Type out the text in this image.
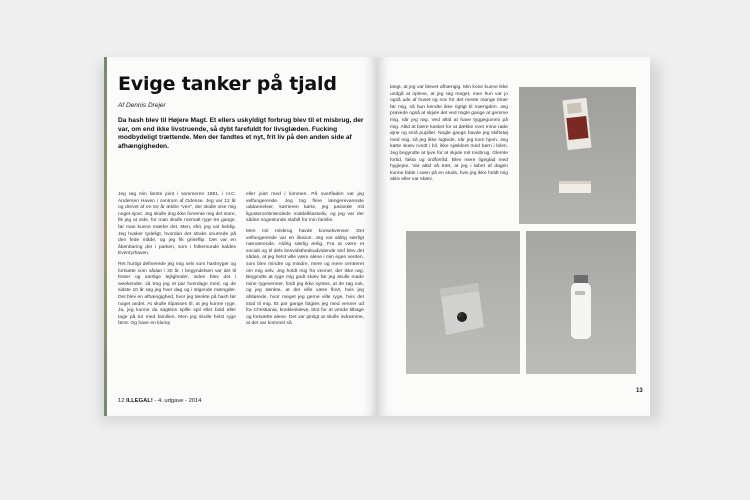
Evige tanker på tjald
Af Dennis Drejer
Da hash blev til Højere Magt. Et ellers uskyldigt forbrug blev til et misbrug, der var, om end ikke livstruende, så dybt farefuldt for livsglæden. Fucking modbydeligt trættende. Men der fandtes et nyt, frit liv på den anden side af afhængigheden.

Jeg røg min første joint i sommeren 1981, i H.C. Andersen Haven i centrum af Odense. Jeg var 12 år og drevet af en tre år ældre "ven", der skulle vise mig noget sjovt. Jeg skulle dog ikke forvente mig det store, fik jeg at vide, for man skulle normalt ryge tre gange, før man kunne mærke det. Men, shit, jeg var heldig. Jeg husker tydeligt, hvordan det straks snurrede på den fede måde, og jeg fik grineflip. Det var en åbenbaring der i parken, som i folkemunde kaldes Eventyrhaven.

Ret hurtigt definerede jeg mig selv som hashryger og fortsatte som sådan i 30 år. I begyndelsen var det til fester og særlige lejligheder, siden blev det i weekender, så trog jeg et par hverdage med, og de sidste 10 år røg jeg hver dag og i stigende mængder. Det blev en afhængighed, hvor jeg tænkte på hash før noget andet. At skulle tilpasses til, at jeg kunne ryge. Ja, jeg kunne da sagtens spille spil eller bold eller tage på tur med familien. Men jeg skulle helst ryge først. Og have en klump

eller joint med i lommen. På overfladen var jeg velfungerende. Jeg tog flere længerevarende uddannelser, karrieren kørte, jeg passede mit ligusterombrændede middelklasseliv, og jeg var der sådan nogenlunde stabilt for min familie.

Men mit misbrug havde konsekvenser. Det velfungerende var en illusion. Jeg var aldrig særligt nærværende. Aldrig særlig ærlig. Fra at være et socialt og til dels besvidsthedsudvidende stof blev det sådan, at jeg helst ville være alene i min egen verden, som blev mindre og mindre, mere og mere centreret om mig selv. Jeg holdt mig fra venner, der ikke røg. Begyndte at ryge mig godt skæv før jeg skulle møde mine rygevenner, fordi jeg ikke syntes, at de røg nok, og jeg tænkte, at det ville være flovt, hvis jeg afslørede, hvor meget jeg gerne ville ryge, hvis det stod til mig. Et par gange fulgtes jeg med venner ud fra Christiania, knokleskæve, blot for at vende tilbage og fortsætte alene. Det var pinligt at skulle indrømme, at det var kommet så

12 ILLEGAL! - 4. udgave - 2014
langt, at jeg var blevet afhængig. Min kone kunne ikke undgå at opleve, at jeg røg meget, men hun var jo også ude af huset og sov for det meste mange timer før mig, så hun kendte ikke rigtigt til mængden. Jeg prøvede også at skjule det ved nogle gange at gemme mig, når jeg røg. Ved altid at have tyggegummi på mig. Altid at bære kasket for at dække over mine røde øjne og små pupiller. Nogle gange havde jeg skiftetøj med mig, så jeg ikke lugtede, når jeg kom hjem. Jeg kørte skæv rundt i bil, ikke sjældent med børn i bilen. Jeg begyndte at lyve for at skjule mit misbrug. Glemte fortid, fakta og ordforråd. Blev mere ligeglad med hygiejne. Var altid så træt, at jeg i løbet af dagen kunne falde i søvn på en studs, hvis jeg ikke holdt mig aktiv eller var skæv.
13
